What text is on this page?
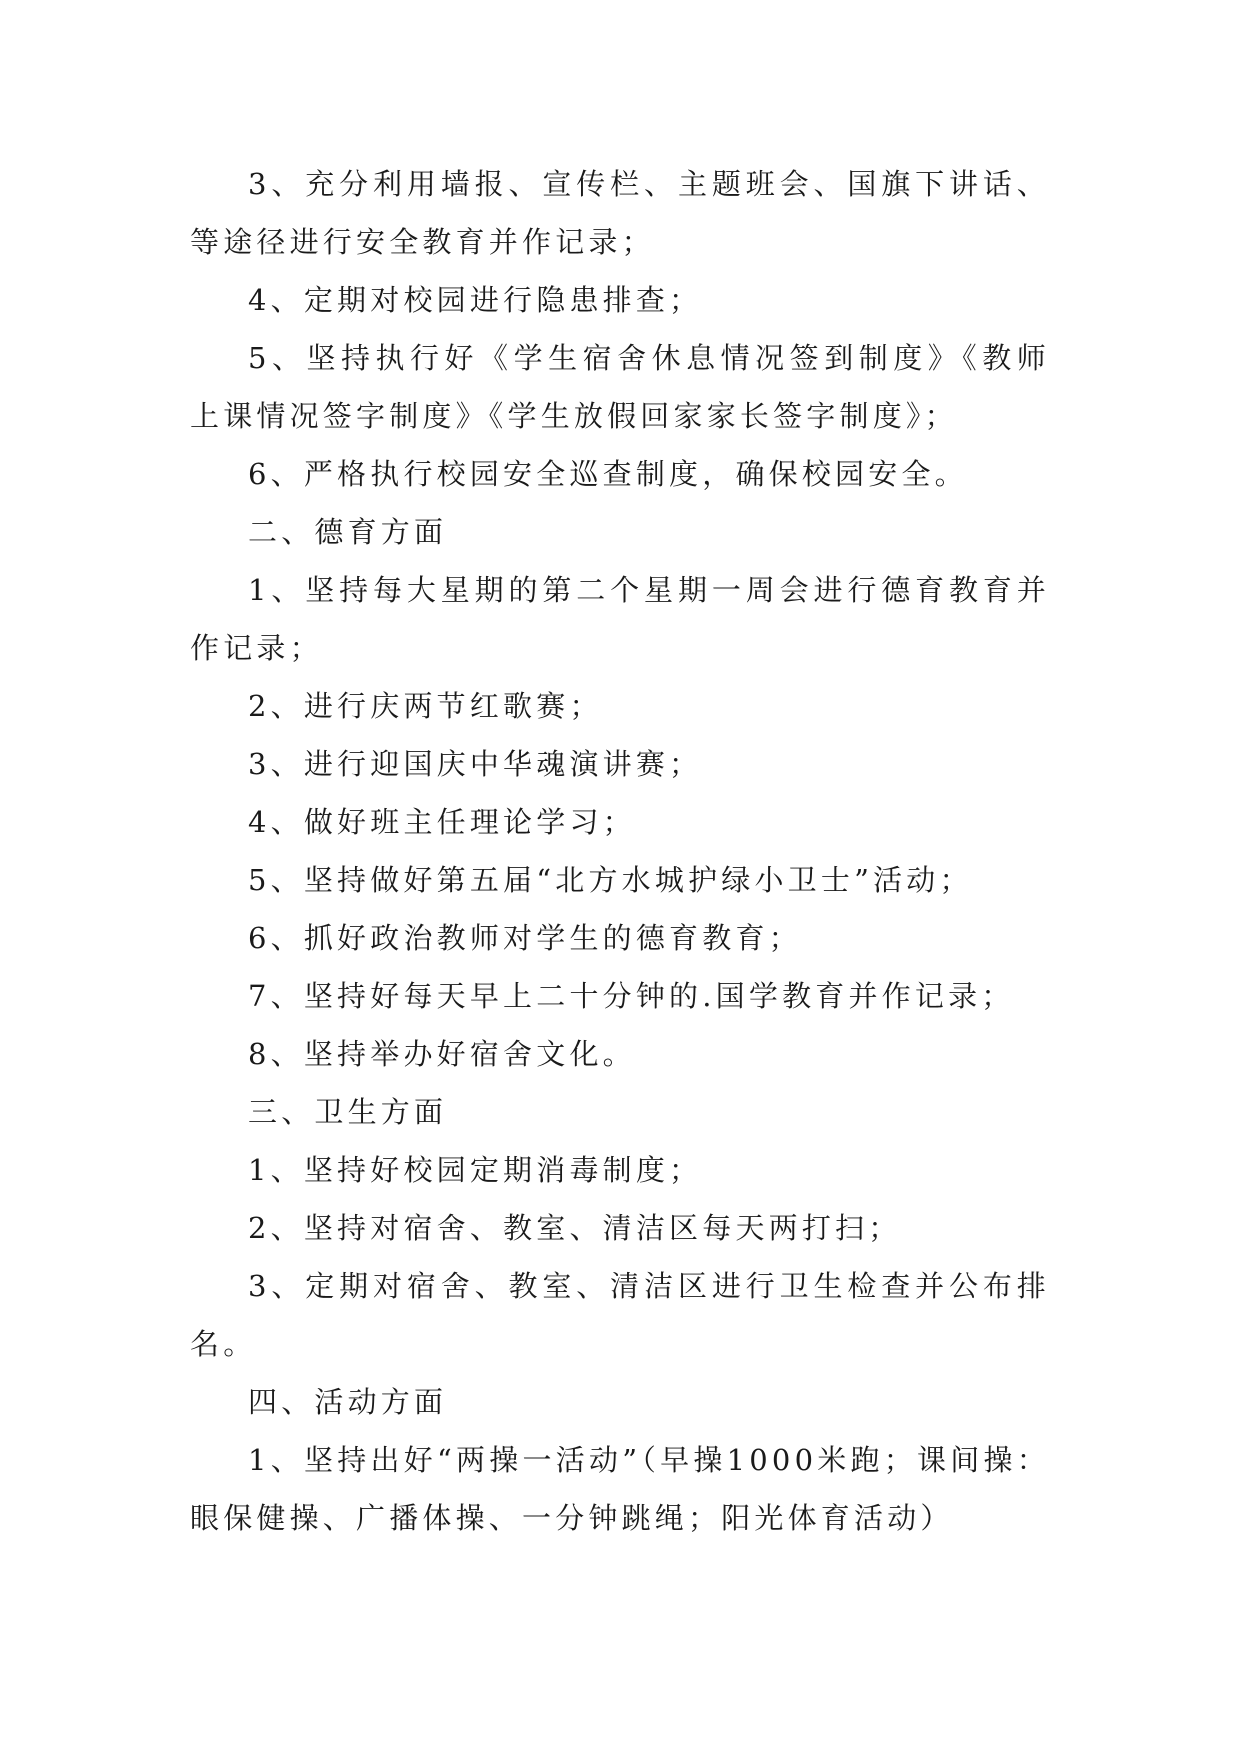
3、充分利用墙报、宣传栏、主题班会、国旗下讲话、等途径进行安全教育并作记录；

4、定期对校园进行隐患排查；

5、坚持执行好《学生宿舍休息情况签到制度》《教师上课情况签字制度》《学生放假回家家长签字制度》；

6、严格执行校园安全巡查制度，确保校园安全。

二、德育方面

1、坚持每大星期的第二个星期一周会进行德育教育并作记录；

2、进行庆两节红歌赛；

3、进行迎国庆中华魂演讲赛；

4、做好班主任理论学习；

5、坚持做好第五届“北方水城护绿小卫士”活动；

6、抓好政治教师对学生的德育教育；

7、坚持好每天早上二十分钟的.国学教育并作记录；

8、坚持举办好宿舍文化。

三、卫生方面

1、坚持好校园定期消毒制度；

2、坚持对宿舍、教室、清洁区每天两打扫；

3、定期对宿舍、教室、清洁区进行卫生检查并公布排名。

四、活动方面

1、坚持出好“两操一活动”（早操1000米跑；课间操：眼保健操、广播体操、一分钟跳绳；阳光体育活动）
